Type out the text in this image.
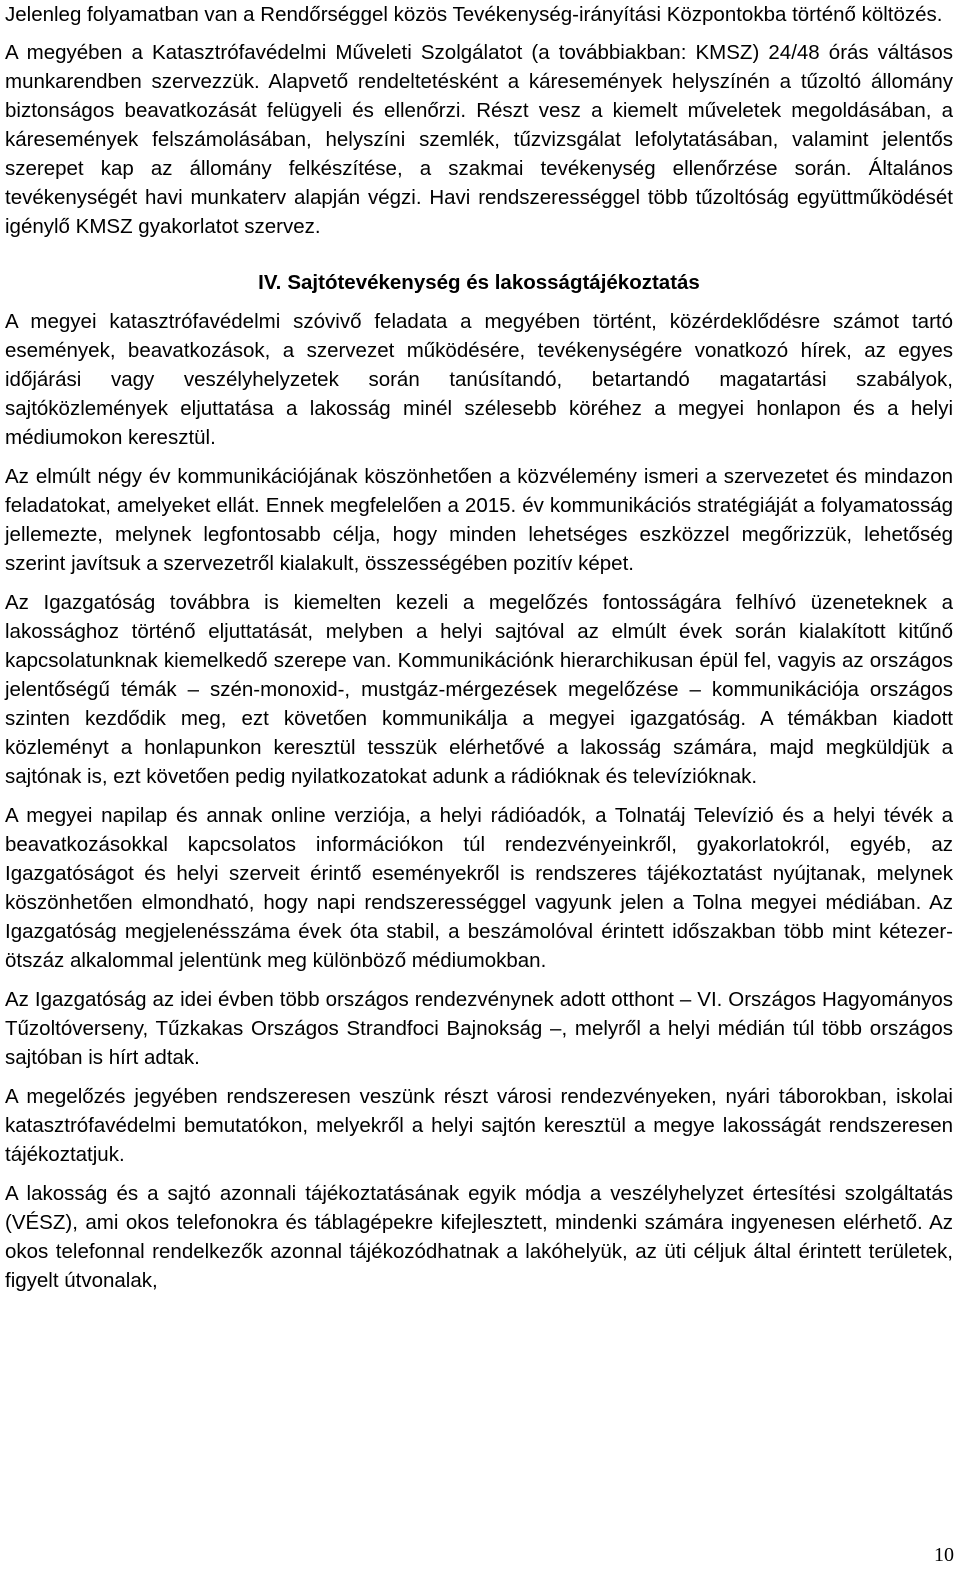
Jelenleg folyamatban van a Rendőrséggel közös Tevékenység-irányítási Központokba történő költözés.

A megyében a Katasztrófavédelmi Műveleti Szolgálatot (a továbbiakban: KMSZ) 24/48 órás váltásos munkarendben szervezzük. Alapvető rendeltetésként a káresemények helyszínén a tűzoltó állomány biztonságos beavatkozását felügyeli és ellenőrzi. Részt vesz a kiemelt műveletek megoldásában, a káresemények felszámolásában, helyszíni szemlék, tűzvizsgálat lefolytatásában, valamint jelentős szerepet kap az állomány felkészítése, a szakmai tevékenység ellenőrzése során. Általános tevékenységét havi munkaterv alapján végzi. Havi rendszerességgel több tűzoltóság együttműködését igénylő KMSZ gyakorlatot szervez.

IV. Sajtótevékenység és lakosságtájékoztatás

A megyei katasztrófavédelmi szóvivő feladata a megyében történt, közérdeklődésre számot tartó események, beavatkozások, a szervezet működésére, tevékenységére vonatkozó hírek, az egyes időjárási vagy veszélyhelyzetek során tanúsítandó, betartandó magatartási szabályok, sajtóközlemények eljuttatása a lakosság minél szélesebb köréhez a megyei honlapon és a helyi médiumokon keresztül.

Az elmúlt négy év kommunikációjának köszönhetően a közvélemény ismeri a szervezetet és mindazon feladatokat, amelyeket ellát. Ennek megfelelően a 2015. év kommunikációs stratégiáját a folyamatosság jellemezte, melynek legfontosabb célja, hogy minden lehetséges eszközzel megőrizzük, lehetőség szerint javítsuk a szervezetről kialakult, összességében pozitív képet.

Az Igazgatóság továbbra is kiemelten kezeli a megelőzés fontosságára felhívó üzeneteknek a lakossághoz történő eljuttatását, melyben a helyi sajtóval az elmúlt évek során kialakított kitűnő kapcsolatunknak kiemelkedő szerepe van. Kommunikációnk hierarchikusan épül fel, vagyis az országos jelentőségű témák – szén-monoxid-, mustgáz-mérgezések megelőzése – kommunikációja országos szinten kezdődik meg, ezt követően kommunikálja a megyei igazgatóság. A témákban kiadott közleményt a honlapunkon keresztül tesszük elérhetővé a lakosság számára, majd megküldjük a sajtónak is, ezt követően pedig nyilatkozatokat adunk a rádióknak és televízióknak.

A megyei napilap és annak online verziója, a helyi rádióadók, a Tolnatáj Televízió és a helyi tévék a beavatkozásokkal kapcsolatos információkon túl rendezvényeinkről, gyakorlatokról, egyéb, az Igazgatóságot és helyi szerveit érintő eseményekről is rendszeres tájékoztatást nyújtanak, melynek köszönhetően elmondható, hogy napi rendszerességgel vagyunk jelen a Tolna megyei médiában. Az Igazgatóság megjelenésszáma évek óta stabil, a beszámolóval érintett időszakban több mint kétezer-ötszáz alkalommal jelentünk meg különböző médiumokban.

Az Igazgatóság az idei évben több országos rendezvénynek adott otthont – VI. Országos Hagyományos Tűzoltóverseny, Tűzkakas Országos Strandfoci Bajnokság –, melyről a helyi médián túl több országos sajtóban is hírt adtak.

A megelőzés jegyében rendszeresen veszünk részt városi rendezvényeken, nyári táborokban, iskolai katasztrófavédelmi bemutatókon, melyekről a helyi sajtón keresztül a megye lakosságát rendszeresen tájékoztatjuk.

A lakosság és a sajtó azonnali tájékoztatásának egyik módja a veszélyhelyzet értesítési szolgáltatás (VÉSZ), ami okos telefonokra és táblagépekre kifejlesztett, mindenki számára ingyenesen elérhető. Az okos telefonnal rendelkezők azonnal tájékozódhatnak a lakóhelyük, az üti céljuk által érintett területek, figyelt útvonalak,

10
